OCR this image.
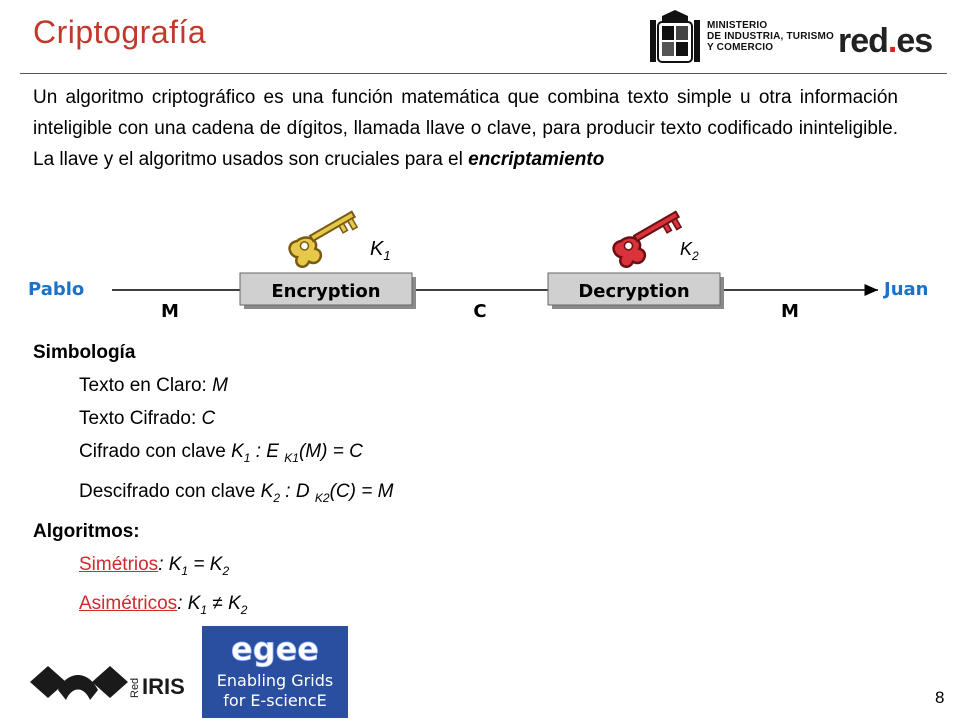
Criptografía	MINISTERIO
DE INDUSTRIA, TURISMO
Y COMERCIO	red.es
Un algoritmo criptográfico es una función matemática que combina texto simple u otra información inteligible con una cadena de dígitos, llamada llave o clave, para producir texto codificado ininteligible. La llave y el algoritmo usados son cruciales para el encriptamiento
Encryption	Decryption
$K_1$	$K_2$
Pablo	Juan
M	C	M
Simbología
Texto en Claro: M
Texto Cifrado: C
Cifrado con clave $K_1$ : E $_{K1}$(M) = C
Descifrado con clave $K_2$ : D $_{K2}$(C) = M
Algoritmos:
Simétrios: $K_1 = K_2$
Asimétricos: $K_1 \ne K_2$
Red IRIS
egee
Enabling Grids
for E-sciencE	8
